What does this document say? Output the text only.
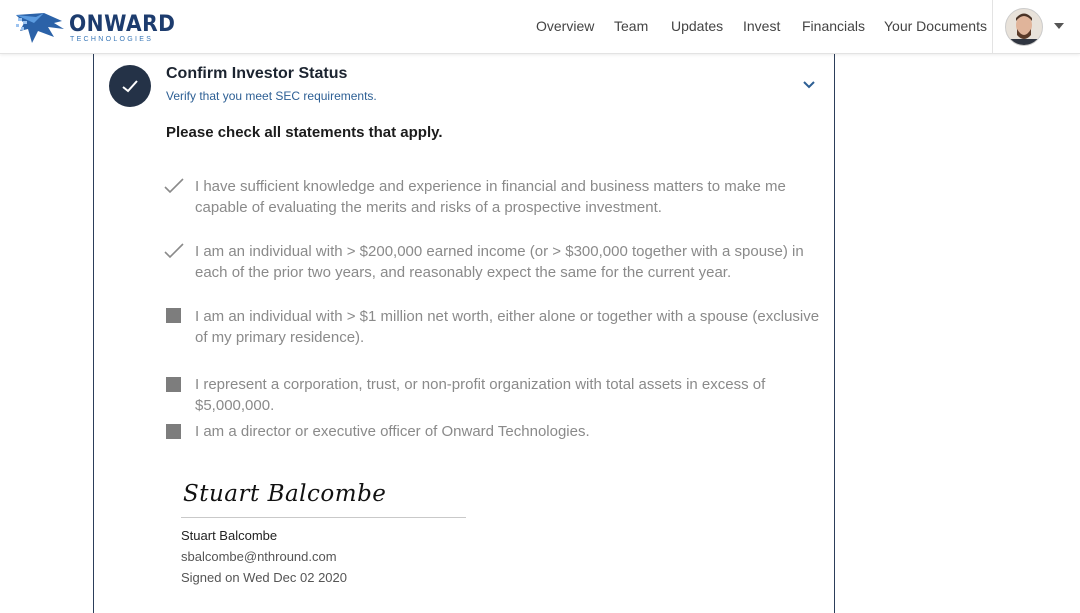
ONWARD
TECHNOLOGIES
Overview Team Updates Invest Financials Your Documents
Confirm Investor Status
Verify that you meet SEC requirements.
Please check all statements that apply.
I have sufficient knowledge and experience in financial and business matters to make me capable of evaluating the merits and risks of a prospective investment.
I am an individual with > $200,000 earned income (or > $300,000 together with a spouse) in each of the prior two years, and reasonably expect the same for the current year.
I am an individual with > $1 million net worth, either alone or together with a spouse (exclusive of my primary residence).
I represent a corporation, trust, or non-profit organization with total assets in excess of $5,000,000.
I am a director or executive officer of Onward Technologies.
Stuart Balcombe
Stuart Balcombe
sbalcombe@nthround.com
Signed on Wed Dec 02 2020
